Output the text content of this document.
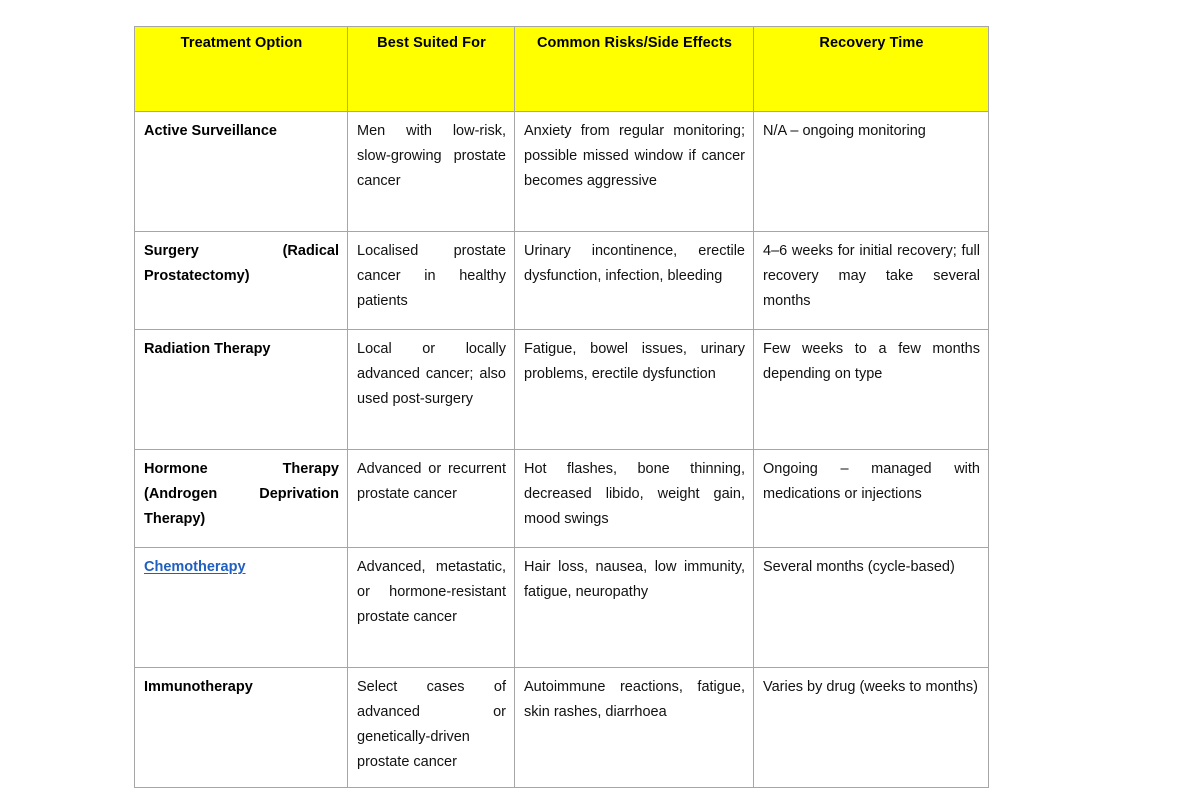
Treatment Option	Best Suited For	Common Risks/Side Effects	Recovery Time

Active Surveillance	Men with low-risk, slow-growing prostate cancer	Anxiety from regular monitoring; possible missed window if cancer becomes aggressive	N/A – ongoing monitoring

Surgery (Radical Prostatectomy)	Localised prostate cancer in healthy patients	Urinary incontinence, erectile dysfunction, infection, bleeding	4–6 weeks for initial recovery; full recovery may take several months

Radiation Therapy	Local or locally advanced cancer; also used post-surgery	Fatigue, bowel issues, urinary problems, erectile dysfunction	Few weeks to a few months depending on type

Hormone Therapy (Androgen Deprivation Therapy)	Advanced or recurrent prostate cancer	Hot flashes, bone thinning, decreased libido, weight gain, mood swings	Ongoing – managed with medications or injections

Chemotherapy	Advanced, metastatic, or hormone-resistant prostate cancer	Hair loss, nausea, low immunity, fatigue, neuropathy	Several months (cycle-based)

Immunotherapy	Select cases of advanced or genetically-driven prostate cancer	Autoimmune reactions, fatigue, skin rashes, diarrhoea	Varies by drug (weeks to months)
